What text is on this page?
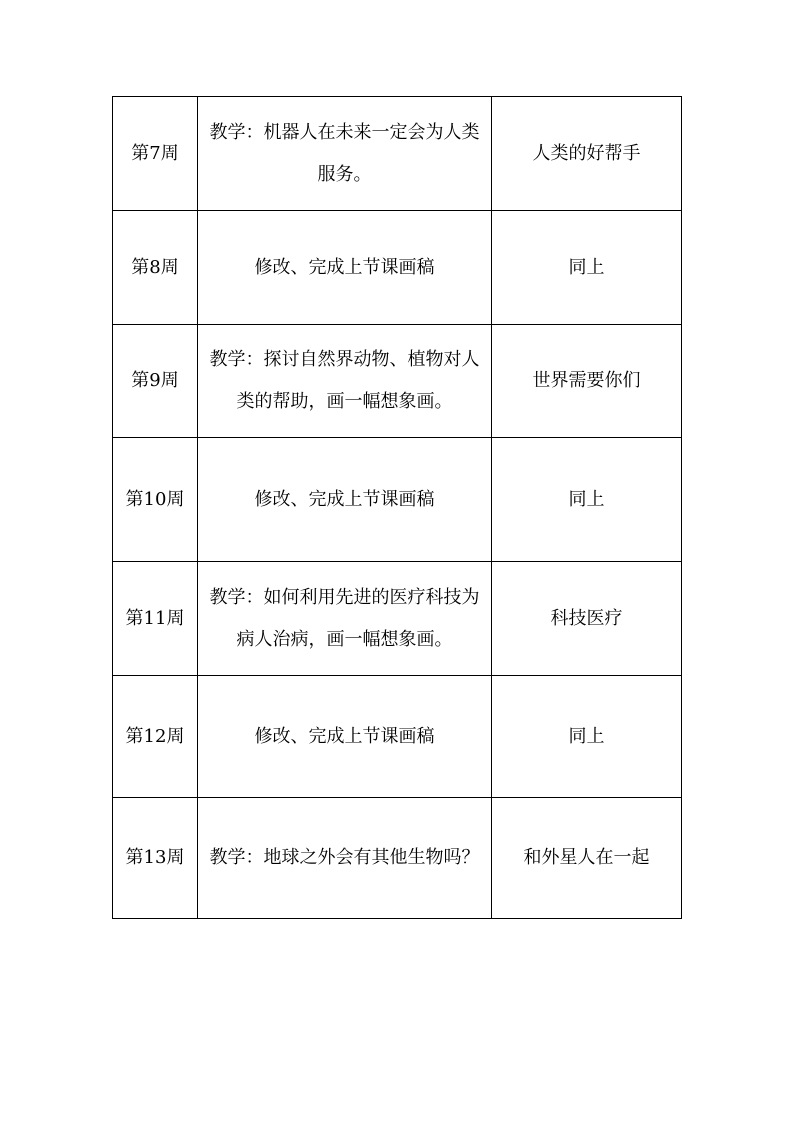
第7周	教学：机器人在未来一定会为人类服务。	人类的好帮手
第8周	修改、完成上节课画稿	同上
第9周	教学：探讨自然界动物、植物对人类的帮助，画一幅想象画。	世界需要你们
第10周	修改、完成上节课画稿	同上
第11周	教学：如何利用先进的医疗科技为病人治病，画一幅想象画。	科技医疗
第12周	修改、完成上节课画稿	同上
第13周	教学：地球之外会有其他生物吗？	和外星人在一起
